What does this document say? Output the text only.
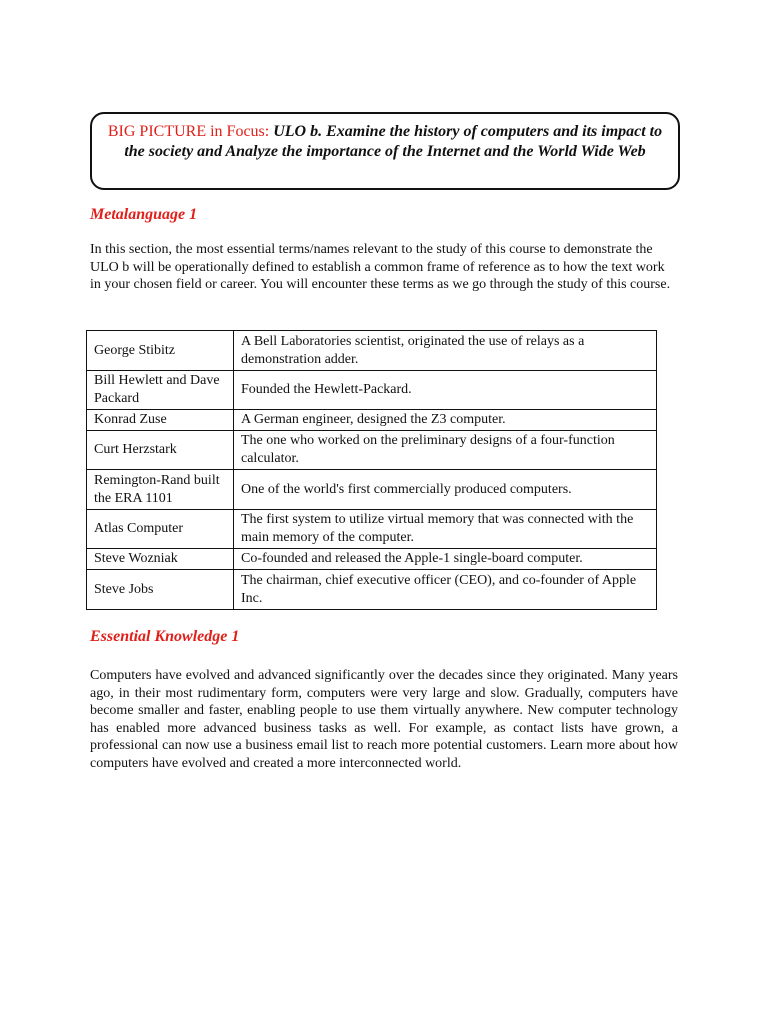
BIG PICTURE in Focus: ULO b. Examine the history of computers and its impact to the society and Analyze the importance of the Internet and the World Wide Web
Metalanguage 1

In this section, the most essential terms/names relevant to the study of this course to demonstrate the ULO b will be operationally defined to establish a common frame of reference as to how the text work in your chosen field or career. You will encounter these terms as we go through the study of this course.

George Stibitz	A Bell Laboratories scientist, originated the use of relays as a demonstration adder.
Bill Hewlett and Dave Packard	Founded the Hewlett-Packard.
Konrad Zuse	A German engineer, designed the Z3 computer.
Curt Herzstark	The one who worked on the preliminary designs of a four-function calculator.
Remington-Rand built the ERA 1101	One of the world's first commercially produced computers.
Atlas Computer	The first system to utilize virtual memory that was connected with the main memory of the computer.
Steve Wozniak	Co-founded and released the Apple-1 single-board computer.
Steve Jobs	The chairman, chief executive officer (CEO), and co-founder of Apple Inc.
Essential Knowledge 1

Computers have evolved and advanced significantly over the decades since they originated. Many years ago, in their most rudimentary form, computers were very large and slow. Gradually, computers have become smaller and faster, enabling people to use them virtually anywhere. New computer technology has enabled more advanced business tasks as well. For example, as contact lists have grown, a professional can now use a business email list to reach more potential customers. Learn more about how computers have evolved and created a more interconnected world.
